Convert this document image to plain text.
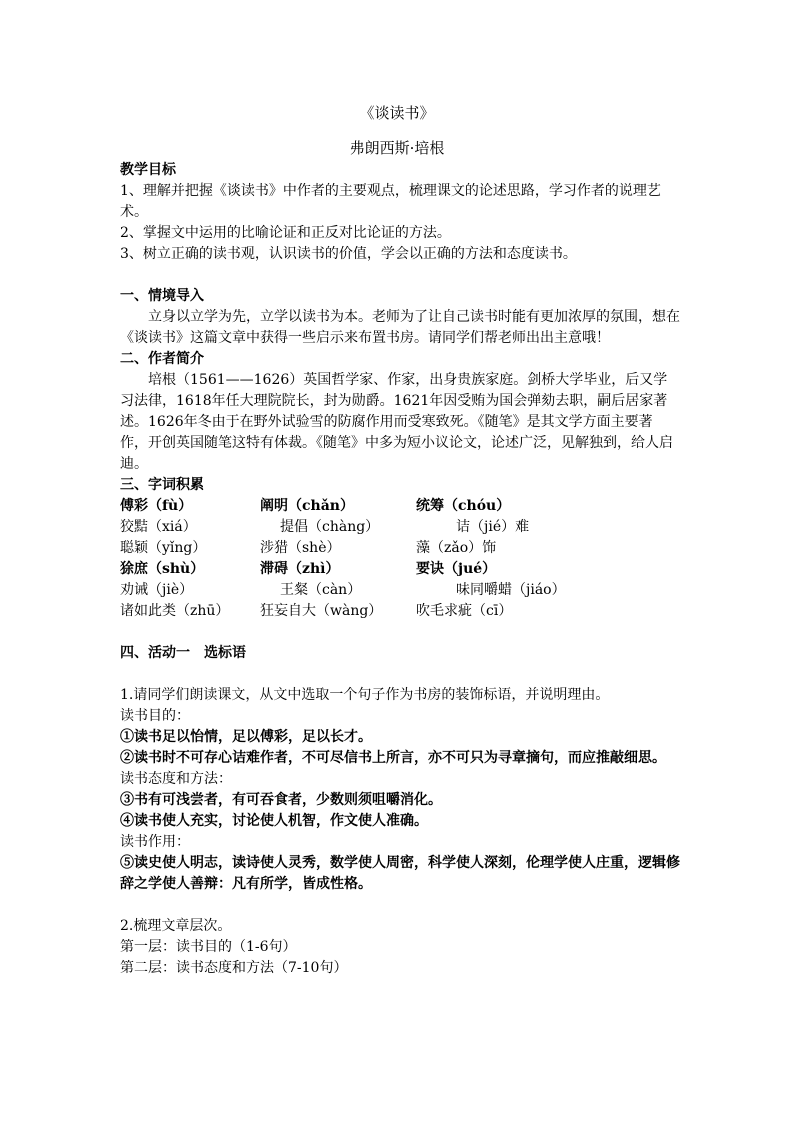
《谈读书》
弗朗西斯·培根

教学目标

1、理解并把握《谈读书》中作者的主要观点，梳理课文的论述思路，学习作者的说理艺术。

2、掌握文中运用的比喻论证和正反对比论证的方法。

3、树立正确的读书观，认识读书的价值，学会以正确的方法和态度读书。

一、情境导入

立身以立学为先，立学以读书为本。老师为了让自己读书时能有更加浓厚的氛围，想在《谈读书》这篇文章中获得一些启示来布置书房。请同学们帮老师出出主意哦！

二、作者简介

培根（1561——1626）英国哲学家、作家，出身贵族家庭。剑桥大学毕业，后又学习法律，1618年任大理院院长，封为勋爵。1621年因受贿为国会弹劾去职，嗣后居家著述。1626年冬由于在野外试验雪的防腐作用而受寒致死。《随笔》是其文学方面主要著作，开创英国随笔这特有体裁。《随笔》中多为短小议论文，论述广泛，见解独到，给人启迪。

三、字词积累

傅彩（fù）	阐明（chǎn）	统筹（chóu）
狡黠（xiá）	提倡（chàng）	诘（jié）难
聪颖（yǐng）	涉猎（shè）	藻（zǎo）饰
狳庶（shù）	滞碍（zhì）	要诀（jué）
劝诫（jiè）	王粲（càn）	味同嚼蜡（jiáo）
诸如此类（zhū）	狂妄自大（wàng）	吹毛求疵（cī）

四、活动一　选标语

1.请同学们朗读课文，从文中选取一个句子作为书房的装饰标语，并说明理由。

读书目的：

①读书足以怡情，足以傅彩，足以长才。

②读书时不可存心诘难作者，不可尽信书上所言，亦不可只为寻章摘句，而应推敲细思。

读书态度和方法：

③书有可浅尝者，有可吞食者，少数则须咀嚼消化。

④读书使人充实，讨论使人机智，作文使人准确。

读书作用：

⑤读史使人明志，读诗使人灵秀，数学使人周密，科学使人深刻，伦理学使人庄重，逻辑修辞之学使人善辩：凡有所学，皆成性格。

2.梳理文章层次。

第一层：读书目的（1-6句）

第二层：读书态度和方法（7-10句）
